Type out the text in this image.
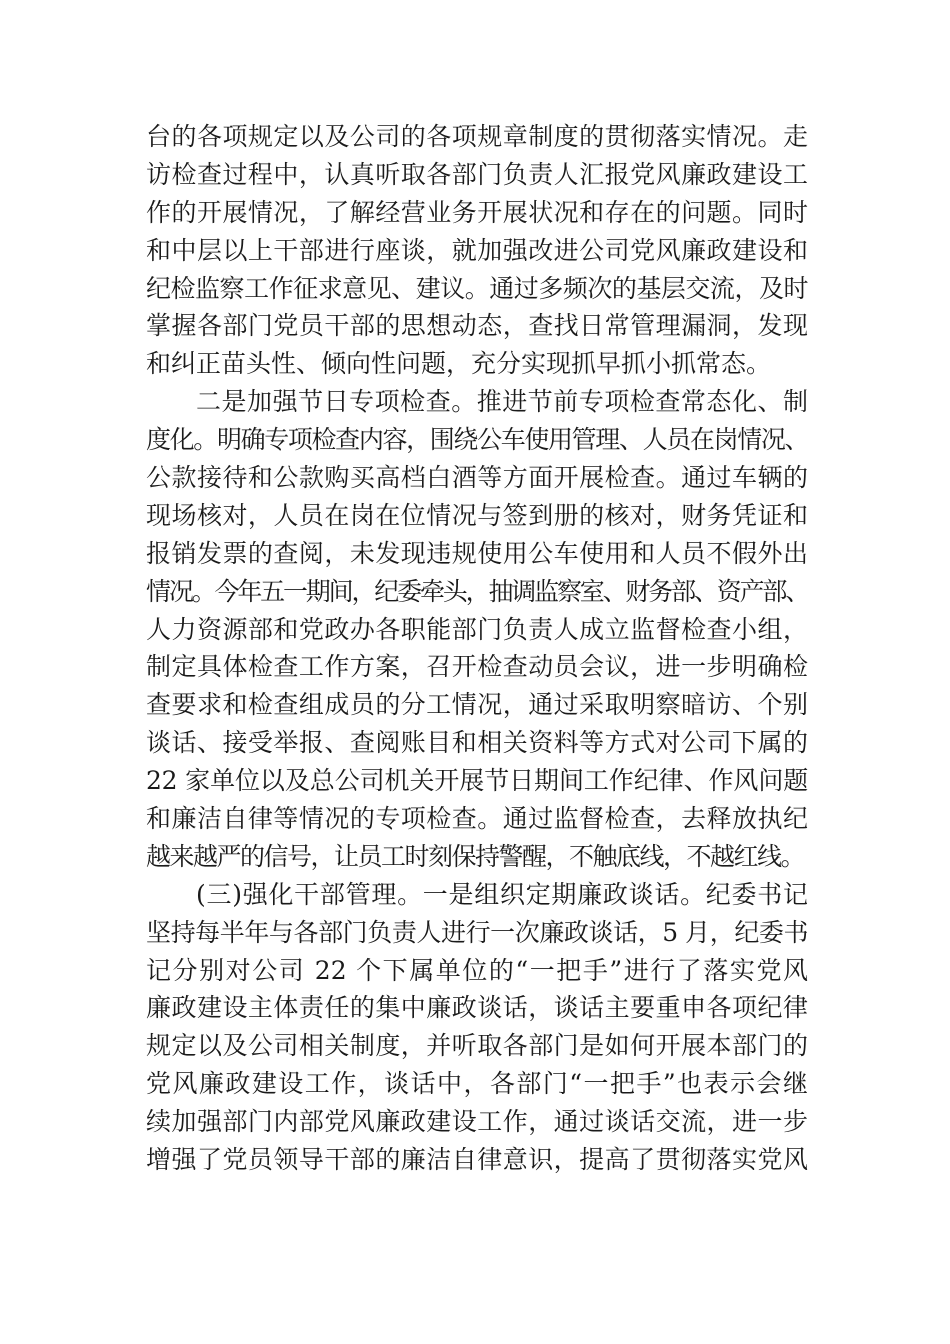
台的各项规定以及公司的各项规章制度的贯彻落实情况。走
访检查过程中，认真听取各部门负责人汇报党风廉政建设工
作的开展情况，了解经营业务开展状况和存在的问题。同时
和中层以上干部进行座谈，就加强改进公司党风廉政建设和
纪检监察工作征求意见、建议。通过多频次的基层交流，及时
掌握各部门党员干部的思想动态，查找日常管理漏洞，发现
和纠正苗头性、倾向性问题，充分实现抓早抓小抓常态。
二是加强节日专项检查。推进节前专项检查常态化、制
度化。明确专项检查内容，围绕公车使用管理、人员在岗情况、
公款接待和公款购买高档白酒等方面开展检查。通过车辆的
现场核对，人员在岗在位情况与签到册的核对，财务凭证和
报销发票的查阅，未发现违规使用公车使用和人员不假外出
情况。今年五一期间，纪委牵头，抽调监察室、财务部、资产部、
人力资源部和党政办各职能部门负责人成立监督检查小组，
制定具体检查工作方案，召开检查动员会议，进一步明确检
查要求和检查组成员的分工情况，通过采取明察暗访、个别
谈话、接受举报、查阅账目和相关资料等方式对公司下属的
22 家单位以及总公司机关开展节日期间工作纪律、作风问题
和廉洁自律等情况的专项检查。通过监督检查，去释放执纪
越来越严的信号，让员工时刻保持警醒，不触底线，不越红线。
(三)强化干部管理。一是组织定期廉政谈话。纪委书记
坚持每半年与各部门负责人进行一次廉政谈话，5 月，纪委书
记分别对公司 22 个下属单位的“一把手”进行了落实党风
廉政建设主体责任的集中廉政谈话，谈话主要重申各项纪律
规定以及公司相关制度，并听取各部门是如何开展本部门的
党风廉政建设工作，谈话中，各部门“一把手”也表示会继
续加强部门内部党风廉政建设工作，通过谈话交流，进一步
增强了党员领导干部的廉洁自律意识，提高了贯彻落实党风
